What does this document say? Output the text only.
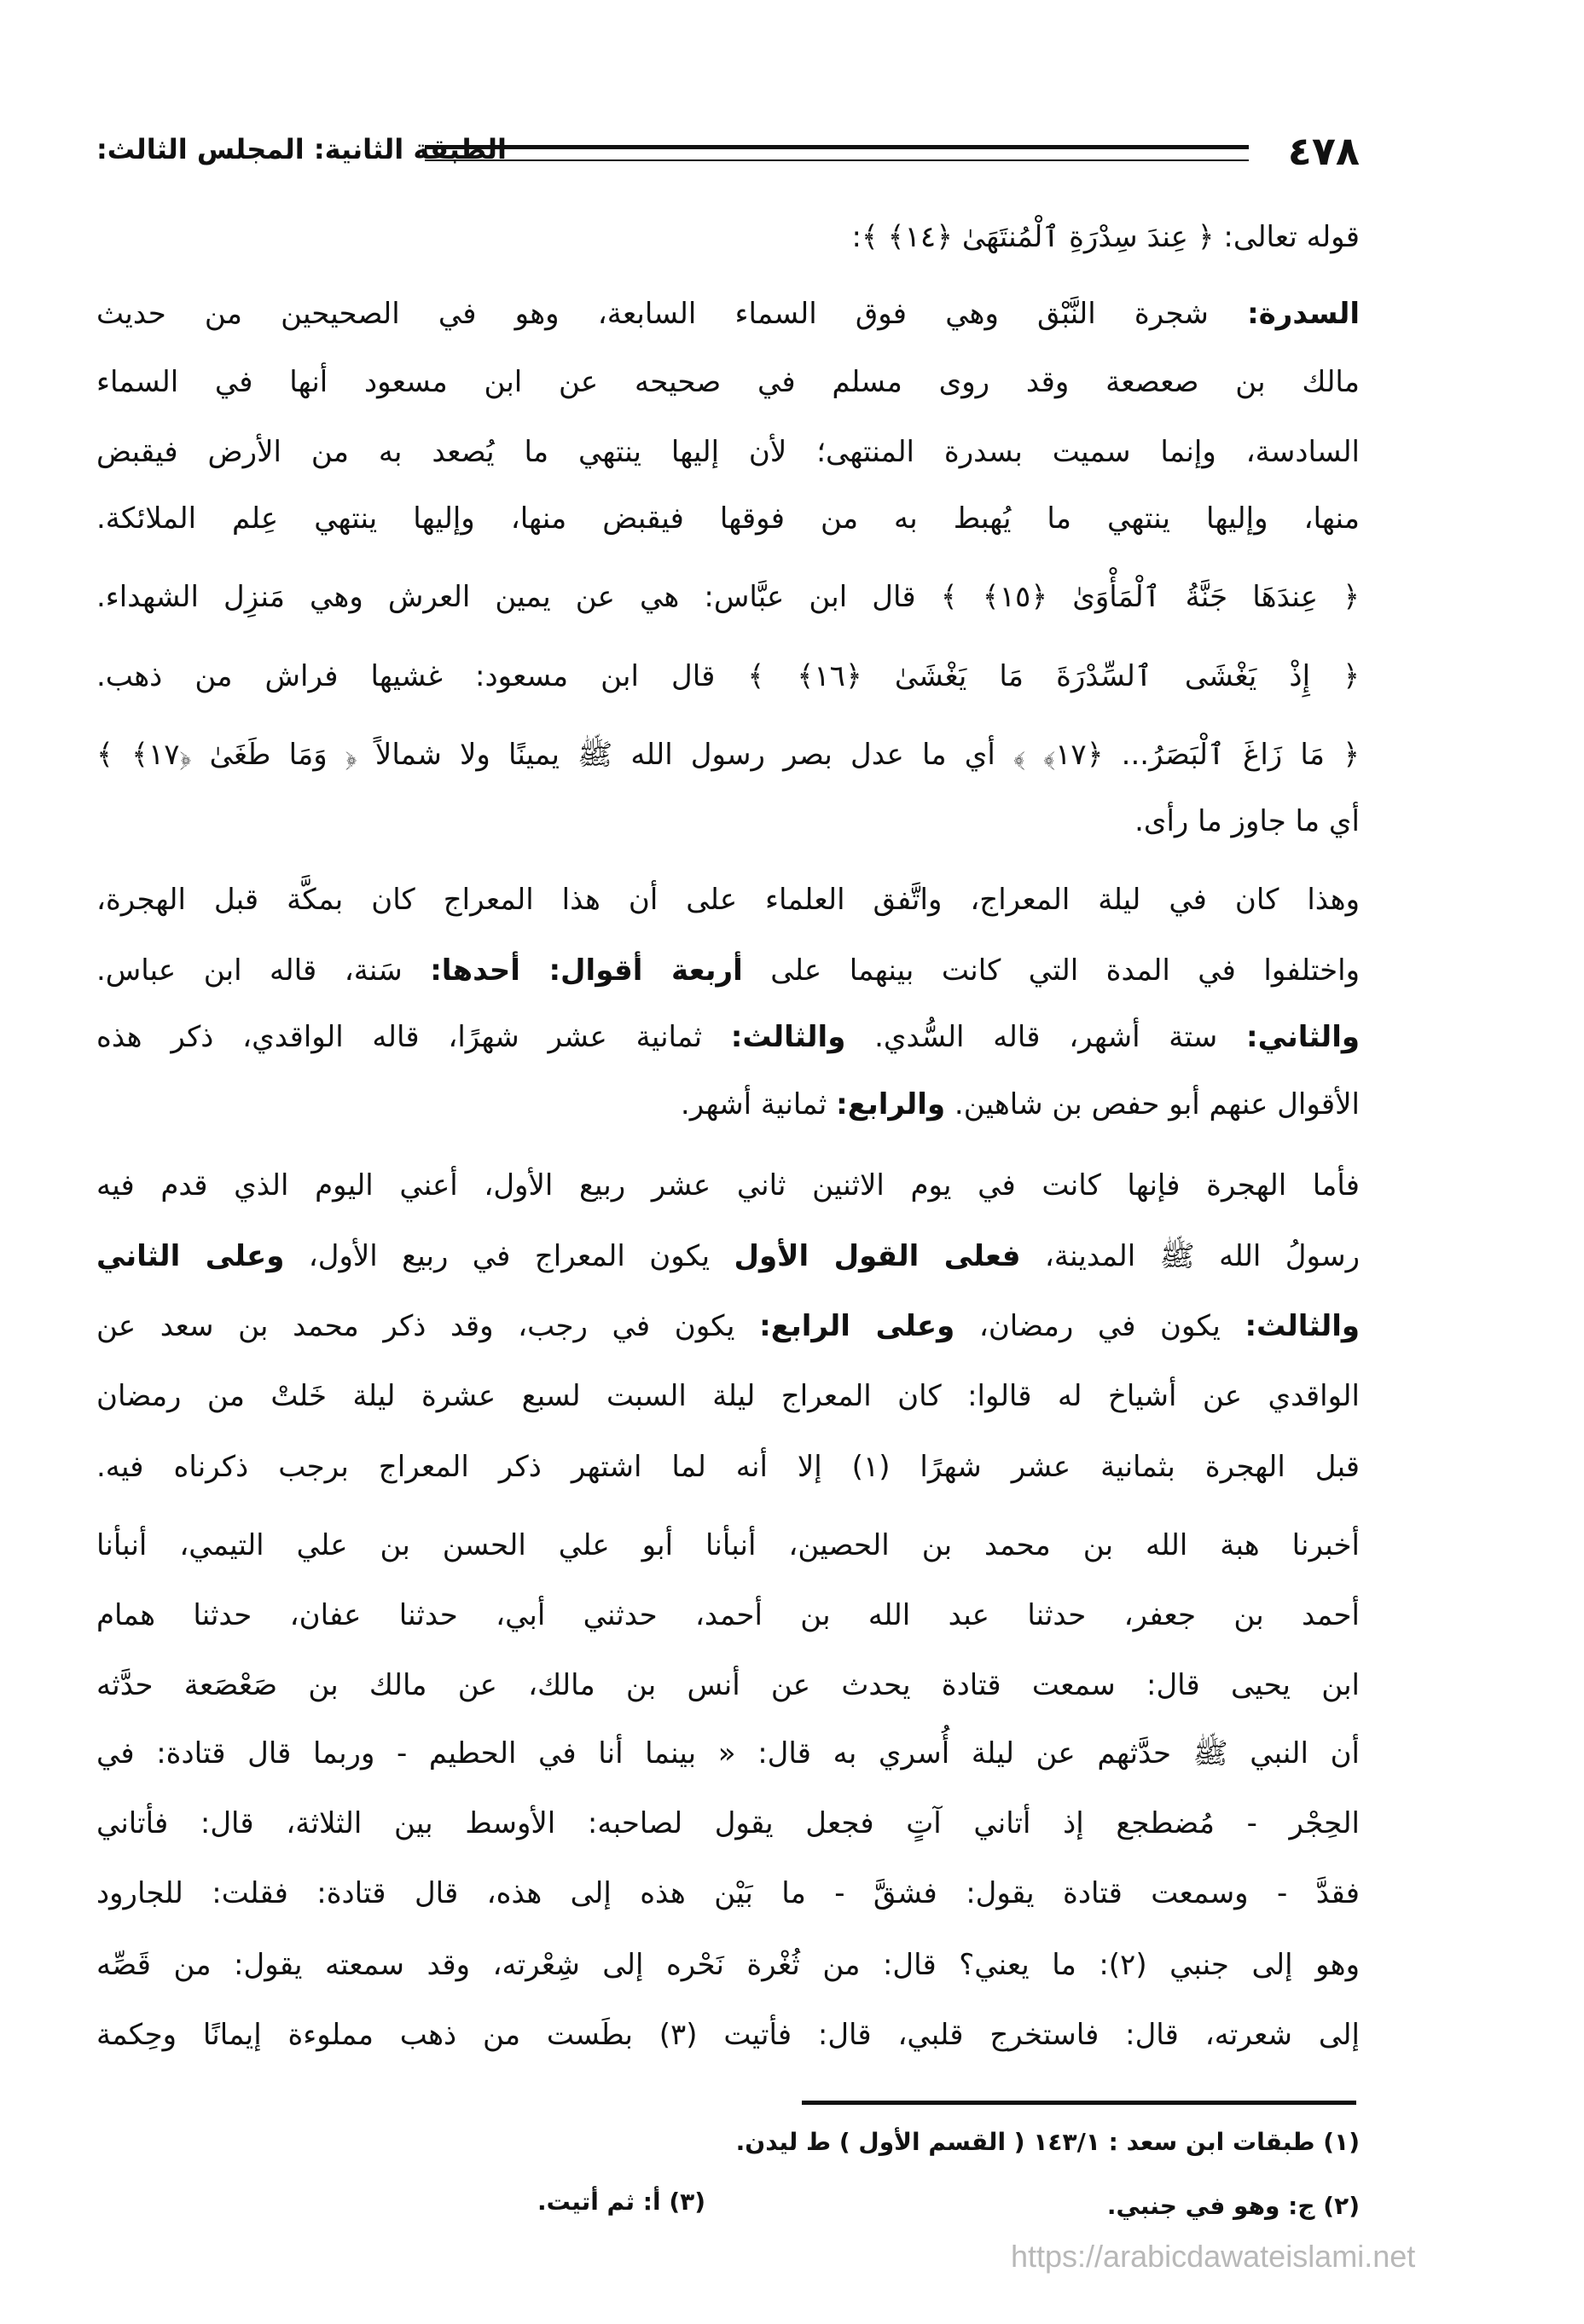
٤٧٨
الطبقة الثانية: المجلس الثالث:
قوله تعالى: ﴿ عِندَ سِدْرَةِ ٱلْمُنتَهَىٰ ﴿١٤﴾ ﴾:
السدرة: شجرة النَّبْق وهي فوق السماء السابعة، وهو في الصحيحين من حديث
مالك بن صعصعة وقد روى مسلم في صحيحه عن ابن مسعود أنها في السماء
السادسة، وإنما سميت بسدرة المنتهى؛ لأن إليها ينتهي ما يُصعد به من الأرض فيقبض
منها، وإليها ينتهي ما يُهبط به من فوقها فيقبض منها، وإليها ينتهي عِلم الملائكة.
﴿ عِندَهَا جَنَّةُ ٱلْمَأْوَىٰ ﴿١٥﴾ ﴾ قال ابن عبَّاس: هي عن يمين العرش وهي مَنزِل الشهداء.
﴿ إِذْ يَغْشَى ٱلسِّدْرَةَ مَا يَغْشَىٰ ﴿١٦﴾ ﴾ قال ابن مسعود: غشيها فراش من ذهب.
﴿ مَا زَاغَ ٱلْبَصَرُ... ﴿١٧﴾ ﴾ أي ما عدل بصر رسول الله ﷺ يمينًا ولا شمالاً ﴿ وَمَا طَغَىٰ ﴿١٧﴾ ﴾
أي ما جاوز ما رأى.
وهذا كان في ليلة المعراج، واتَّفق العلماء على أن هذا المعراج كان بمكَّة قبل الهجرة،
واختلفوا في المدة التي كانت بينهما على أربعة أقوال: أحدها: سَنة، قاله ابن عباس.
والثاني: ستة أشهر، قاله السُّدي. والثالث: ثمانية عشر شهرًا، قاله الواقدي، ذكر هذه
الأقوال عنهم أبو حفص بن شاهين. والرابع: ثمانية أشهر.
فأما الهجرة فإنها كانت في يوم الاثنين ثاني عشر ربيع الأول، أعني اليوم الذي قدم فيه
رسولُ الله ﷺ المدينة، فعلى القول الأول يكون المعراج في ربيع الأول، وعلى الثاني
والثالث: يكون في رمضان، وعلى الرابع: يكون في رجب، وقد ذكر محمد بن سعد عن
الواقدي عن أشياخ له قالوا: كان المعراج ليلة السبت لسبع عشرة ليلة خَلتْ من رمضان
قبل الهجرة بثمانية عشر شهرًا (١) إلا أنه لما اشتهر ذكر المعراج برجب ذكرناه فيه.
أخبرنا هبة الله بن محمد بن الحصين، أنبأنا أبو علي الحسن بن علي التيمي، أنبأنا
أحمد بن جعفر، حدثنا عبد الله بن أحمد، حدثني أبي، حدثنا عفان، حدثنا همام
ابن يحيى قال: سمعت قتادة يحدث عن أنس بن مالك، عن مالك بن صَعْصَعة حدَّثه
أن النبي ﷺ حدَّثهم عن ليلة أُسري به قال: « بينما أنا في الحطيم - وربما قال قتادة: في
الحِجْر - مُضطجع إذ أتاني آتٍ فجعل يقول لصاحبه: الأوسط بين الثلاثة، قال: فأتاني
فقدَّ - وسمعت قتادة يقول: فشقَّ - ما بَيْن هذه إلى هذه، قال قتادة: فقلت: للجارود
وهو إلى جنبي (٢): ما يعني؟ قال: من ثُغْرة نَحْره إلى شِعْرته، وقد سمعته يقول: من قَصِّه
إلى شعرته، قال: فاستخرج قلبي، قال: فأتيت (٣) بطَست من ذهب مملوءة إيمانًا وحِكمة
(١) طبقات ابن سعد : ١٤٣/١ ( القسم الأول ) ط ليدن.
(٢) ج: وهو في جنبي.
(٣) أ: ثم أتيت.
https://arabicdawateislami.net
